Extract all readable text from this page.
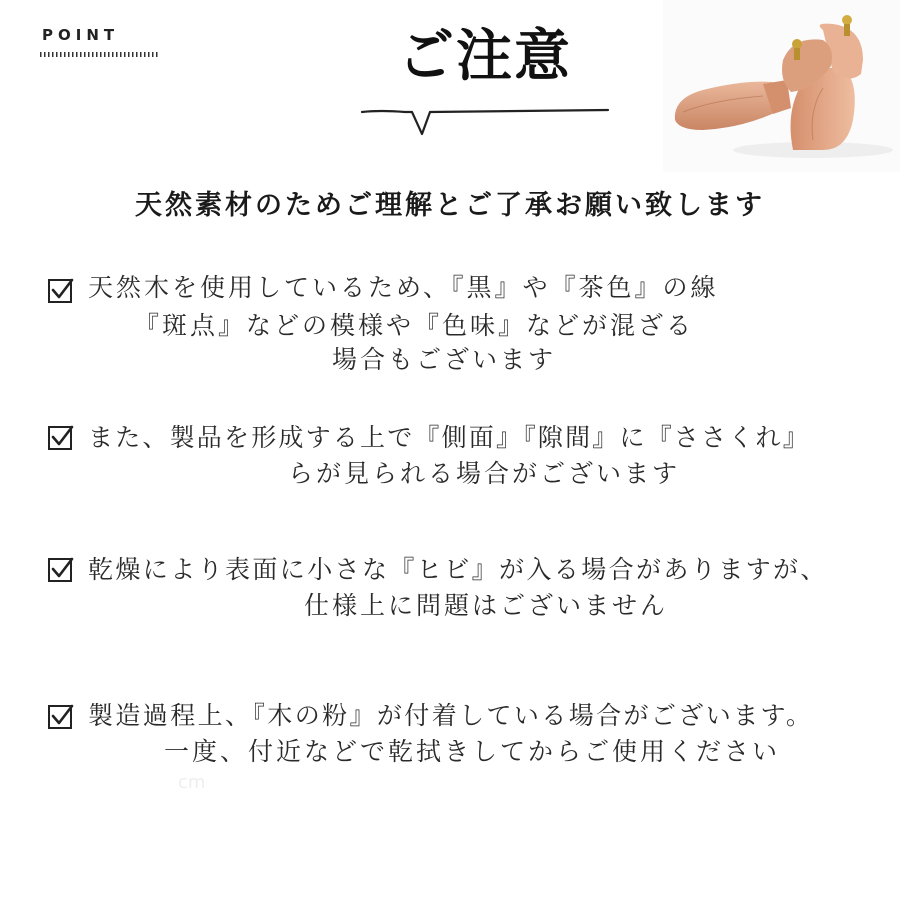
POINT	ご注意
天然素材のためご理解とご了承お願い致します
天然木を使用しているため、『黒』や『茶色』の線
『斑点』などの模様や『色味』などが混ざる
場合もございます
また、製品を形成する上で『側面』『隙間』に『ささくれ』
らが見られる場合がございます
乾燥により表面に小さな『ヒビ』が入る場合がありますが、
仕様上に問題はございません
製造過程上、『木の粉』が付着している場合がございます。
一度、付近などで乾拭きしてからご使用ください
cm
